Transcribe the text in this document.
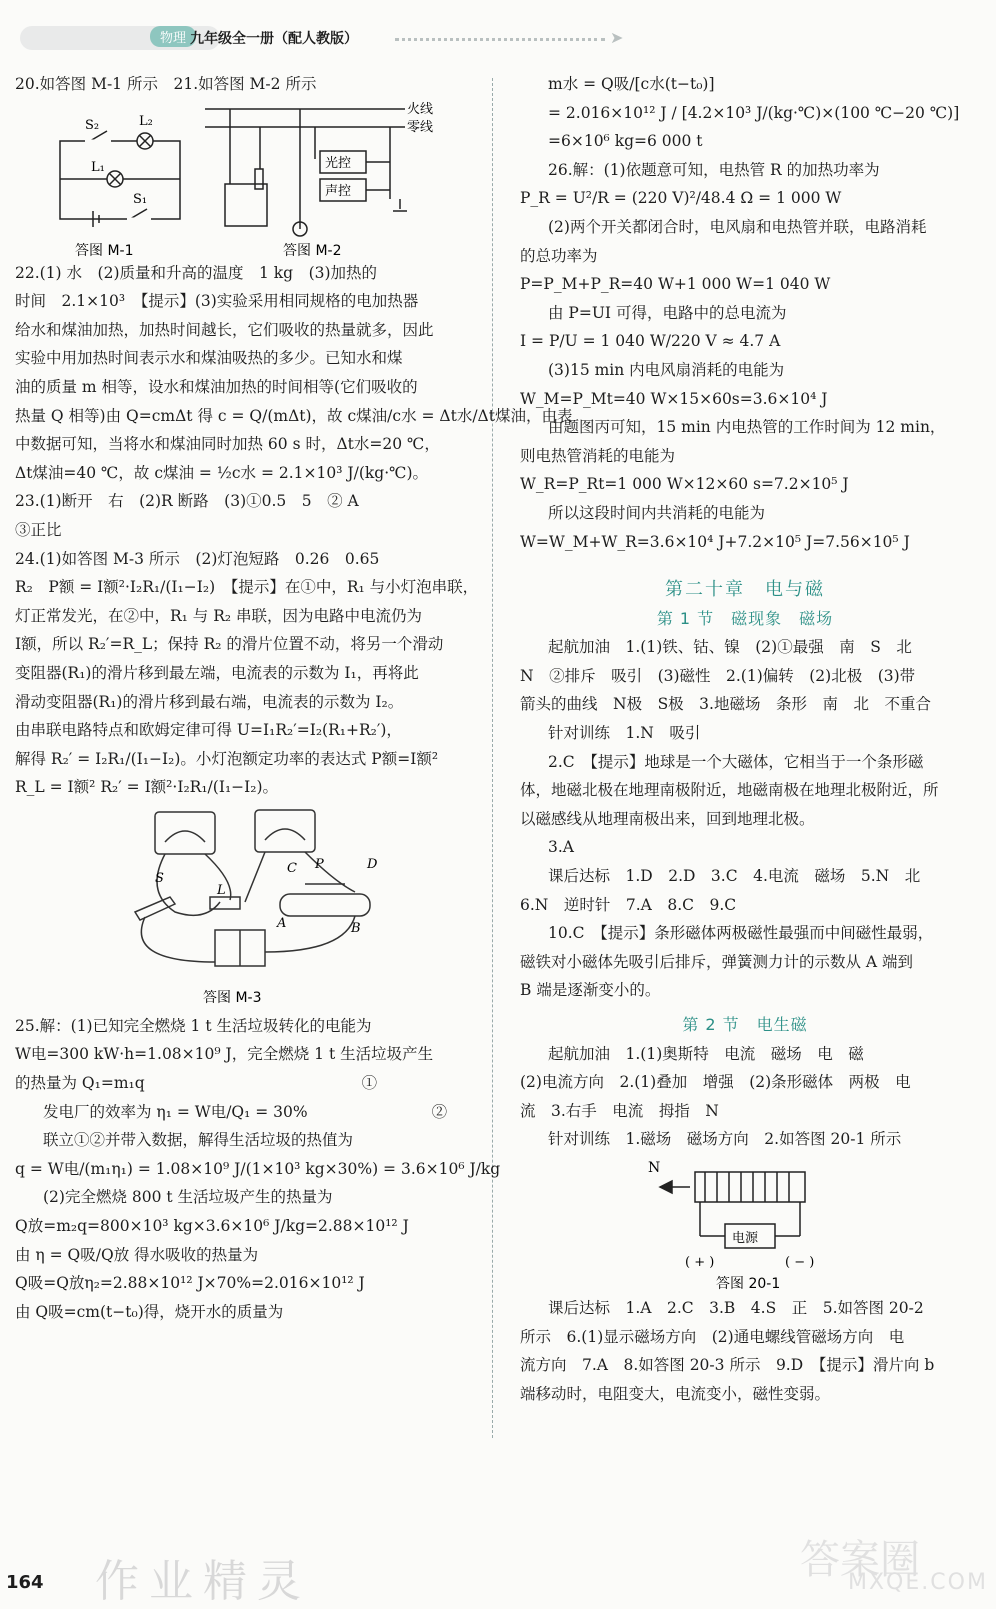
物理 九年级全一册（配人教版）	➤
20.如答图 M-1 所示　21.如答图 M-2 所示
S₂	L₂
L₁
S₁
火线
零线
光控
声控
答图 M-1	答图 M-2
22.(1) 水　(2)质量和升高的温度　1 kg　(3)加热的
时间　2.1×10³　【提示】(3)实验采用相同规格的电加热器
给水和煤油加热，加热时间越长，它们吸收的热量就多，因此
实验中用加热时间表示水和煤油吸热的多少。已知水和煤
油的质量 m 相等，设水和煤油加热的时间相等(它们吸收的
热量 Q 相等)由 Q=cmΔt 得 c = Q/(mΔt)，故 c煤油/c水 = Δt水/Δt煤油，由表
中数据可知，当将水和煤油同时加热 60 s 时，Δt水=20 ℃，
Δt煤油=40 ℃，故 c煤油 = ½c水 = 2.1×10³ J/(kg·℃)。
23.(1)断开　右　(2)R 断路　(3)①0.5　5　② A
③正比
24.(1)如答图 M-3 所示　(2)灯泡短路　0.26　0.65
R₂　P额 = I额²·I₂R₁/(I₁−I₂)　【提示】在①中，R₁ 与小灯泡串联，
灯正常发光，在②中，R₁ 与 R₂ 串联，因为电路中电流仍为
I额，所以 R₂′=R_L；保持 R₂ 的滑片位置不动，将另一个滑动
变阻器(R₁)的滑片移到最左端，电流表的示数为 I₁，再将此
滑动变阻器(R₁)的滑片移到最右端，电流表的示数为 I₂。
由串联电路特点和欧姆定律可得 U=I₁R₂′=I₂(R₁+R₂′)，
解得 R₂′ = I₂R₁/(I₁−I₂)。小灯泡额定功率的表达式 P额=I额²
R_L = I额² R₂′ = I额²·I₂R₁/(I₁−I₂)。
S
L
C P	D
A	B
答图 M-3
25.解：(1)已知完全燃烧 1 t 生活垃圾转化的电能为
W电=300 kW·h=1.08×10⁹ J，完全燃烧 1 t 生活垃圾产生
的热量为 Q₁=m₁q　　　　　　　　　　　　　　①
发电厂的效率为 η₁ = W电/Q₁ = 30%　　　　　　　　②
联立①②并带入数据，解得生活垃圾的热值为
q = W电/(m₁η₁) = 1.08×10⁹ J/(1×10³ kg×30%) = 3.6×10⁶ J/kg
(2)完全燃烧 800 t 生活垃圾产生的热量为
Q放=m₂q=800×10³ kg×3.6×10⁶ J/kg=2.88×10¹² J
由 η = Q吸/Q放 得水吸收的热量为
Q吸=Q放η₂=2.88×10¹² J×70%=2.016×10¹² J
由 Q吸=cm(t−t₀)得，烧开水的质量为
m水 = Q吸/[c水(t−t₀)]
= 2.016×10¹² J / [4.2×10³ J/(kg·℃)×(100 ℃−20 ℃)]
=6×10⁶ kg=6 000 t
26.解：(1)依题意可知，电热管 R 的加热功率为
P_R = U²/R = (220 V)²/48.4 Ω = 1 000 W
(2)两个开关都闭合时，电风扇和电热管并联，电路消耗
的总功率为
P=P_M+P_R=40 W+1 000 W=1 040 W
由 P=UI 可得，电路中的总电流为
I = P/U = 1 040 W/220 V ≈ 4.7 A
(3)15 min 内电风扇消耗的电能为
W_M=P_Mt=40 W×15×60s=3.6×10⁴ J
由题图丙可知，15 min 内电热管的工作时间为 12 min，
则电热管消耗的电能为
W_R=P_Rt=1 000 W×12×60 s=7.2×10⁵ J
所以这段时间内共消耗的电能为
W=W_M+W_R=3.6×10⁴ J+7.2×10⁵ J=7.56×10⁵ J
第二十章　电与磁
第 1 节　磁现象　磁场
起航加油　1.(1)铁、钴、镍　(2)①最强　南　S　北
N　②排斥　吸引　(3)磁性　2.(1)偏转　(2)北极　(3)带
箭头的曲线　N极　S极　3.地磁场　条形　南　北　不重合
针对训练　1.N　吸引
2.C　【提示】地球是一个大磁体，它相当于一个条形磁
体，地磁北极在地理南极附近，地磁南极在地理北极附近，所
以磁感线从地理南极出来，回到地理北极。
3.A
课后达标　1.D　2.D　3.C　4.电流　磁场　5.N　北
6.N　逆时针　7.A　8.C　9.C
10.C　【提示】条形磁体两极磁性最强而中间磁性最弱，
磁铁对小磁体先吸引后排斥，弹簧测力计的示数从 A 端到
B 端是逐渐变小的。
第 2 节　电生磁
起航加油　1.(1)奥斯特　电流　磁场　电　磁
(2)电流方向　2.(1)叠加　增强　(2)条形磁体　两极　电
流　3.右手　电流　拇指　N
针对训练　1.磁场　磁场方向　2.如答图 20-1 所示
N
电源
( + )	( − )
答图 20-1
课后达标　1.A　2.C　3.B　4.S　正　5.如答图 20-2
所示　6.(1)显示磁场方向　(2)通电螺线管磁场方向　电
流方向　7.A　8.如答图 20-3 所示　9.D　【提示】滑片向 b
端移动时，电阻变大，电流变小，磁性变弱。
164 作业精灵	答案圈
MXQE.COM
